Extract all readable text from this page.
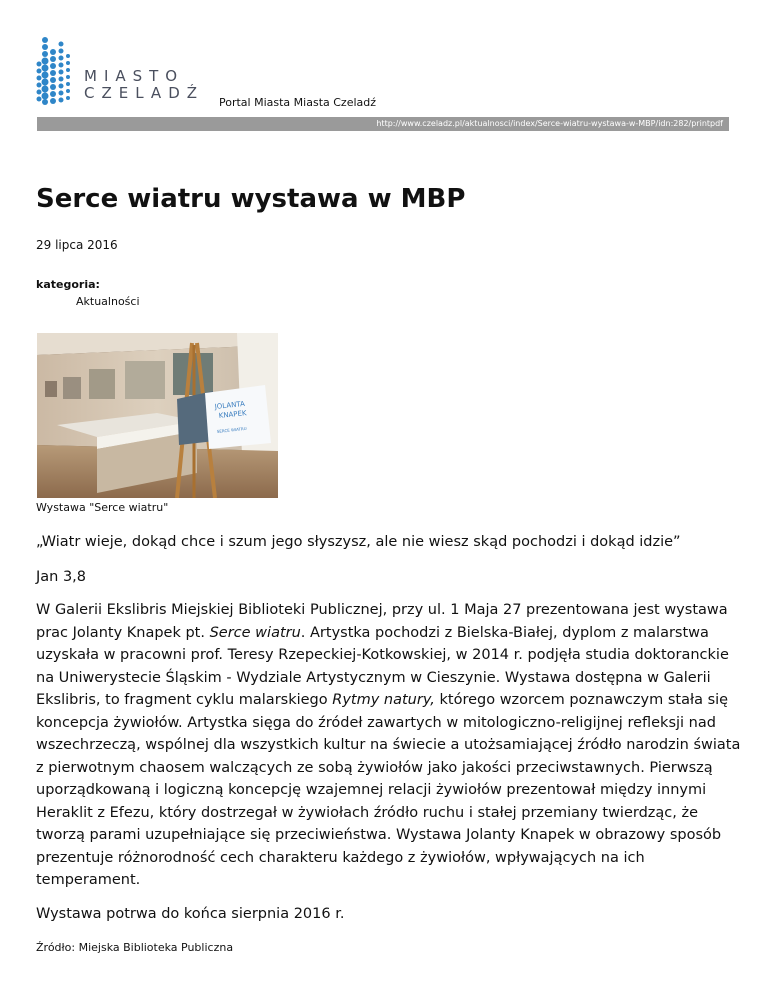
MIASTO
CZELADŹ
Portal Miasta Miasta Czeladź
http://www.czeladz.pl/aktualnosci/index/Serce-wiatru-wystawa-w-MBP/idn:282/printpdf
Serce wiatru wystawa w MBP
29 lipca 2016
kategoria:
Aktualności
JOLANTA
KNAPEK
SERCE WIATRU
Wystawa "Serce wiatru"
„Wiatr wieje, dokąd chce i szum jego słyszysz, ale nie wiesz skąd pochodzi i dokąd idzie”
Jan 3,8

W Galerii Ekslibris Miejskiej Biblioteki Publicznej, przy ul. 1 Maja 27 prezentowana jest wystawa prac Jolanty Knapek pt. Serce wiatru. Artystka pochodzi z Bielska-Białej, dyplom z malarstwa uzyskała w pracowni prof. Teresy Rzepeckiej-Kotkowskiej, w 2014 r. podjęła studia doktoranckie na Uniwerystecie Śląskim - Wydziale Artystycznym w Cieszynie. Wystawa dostępna w Galerii Ekslibris, to fragment cyklu malarskiego Rytmy natury, którego wzorcem poznawczym stała się koncepcja żywiołów. Artystka sięga do źródeł zawartych w mitologiczno-religijnej refleksji nad wszechrzeczą, wspólnej dla wszystkich kultur na świecie a utożsamiającej źródło narodzin świata z pierwotnym chaosem walczących ze sobą żywiołów jako jakości przeciwstawnych. Pierwszą uporządkowaną i logiczną koncepcję wzajemnej relacji żywiołów prezentował między innymi Heraklit z Efezu, który dostrzegał w żywiołach źródło ruchu i stałej przemiany twierdząc, że tworzą parami uzupełniające się przeciwieństwa. Wystawa Jolanty Knapek w obrazowy sposób prezentuje różnorodność cech charakteru każdego z żywiołów, wpływających na ich temperament.

Wystawa potrwa do końca sierpnia 2016 r.
Źródło: Miejska Biblioteka Publiczna
